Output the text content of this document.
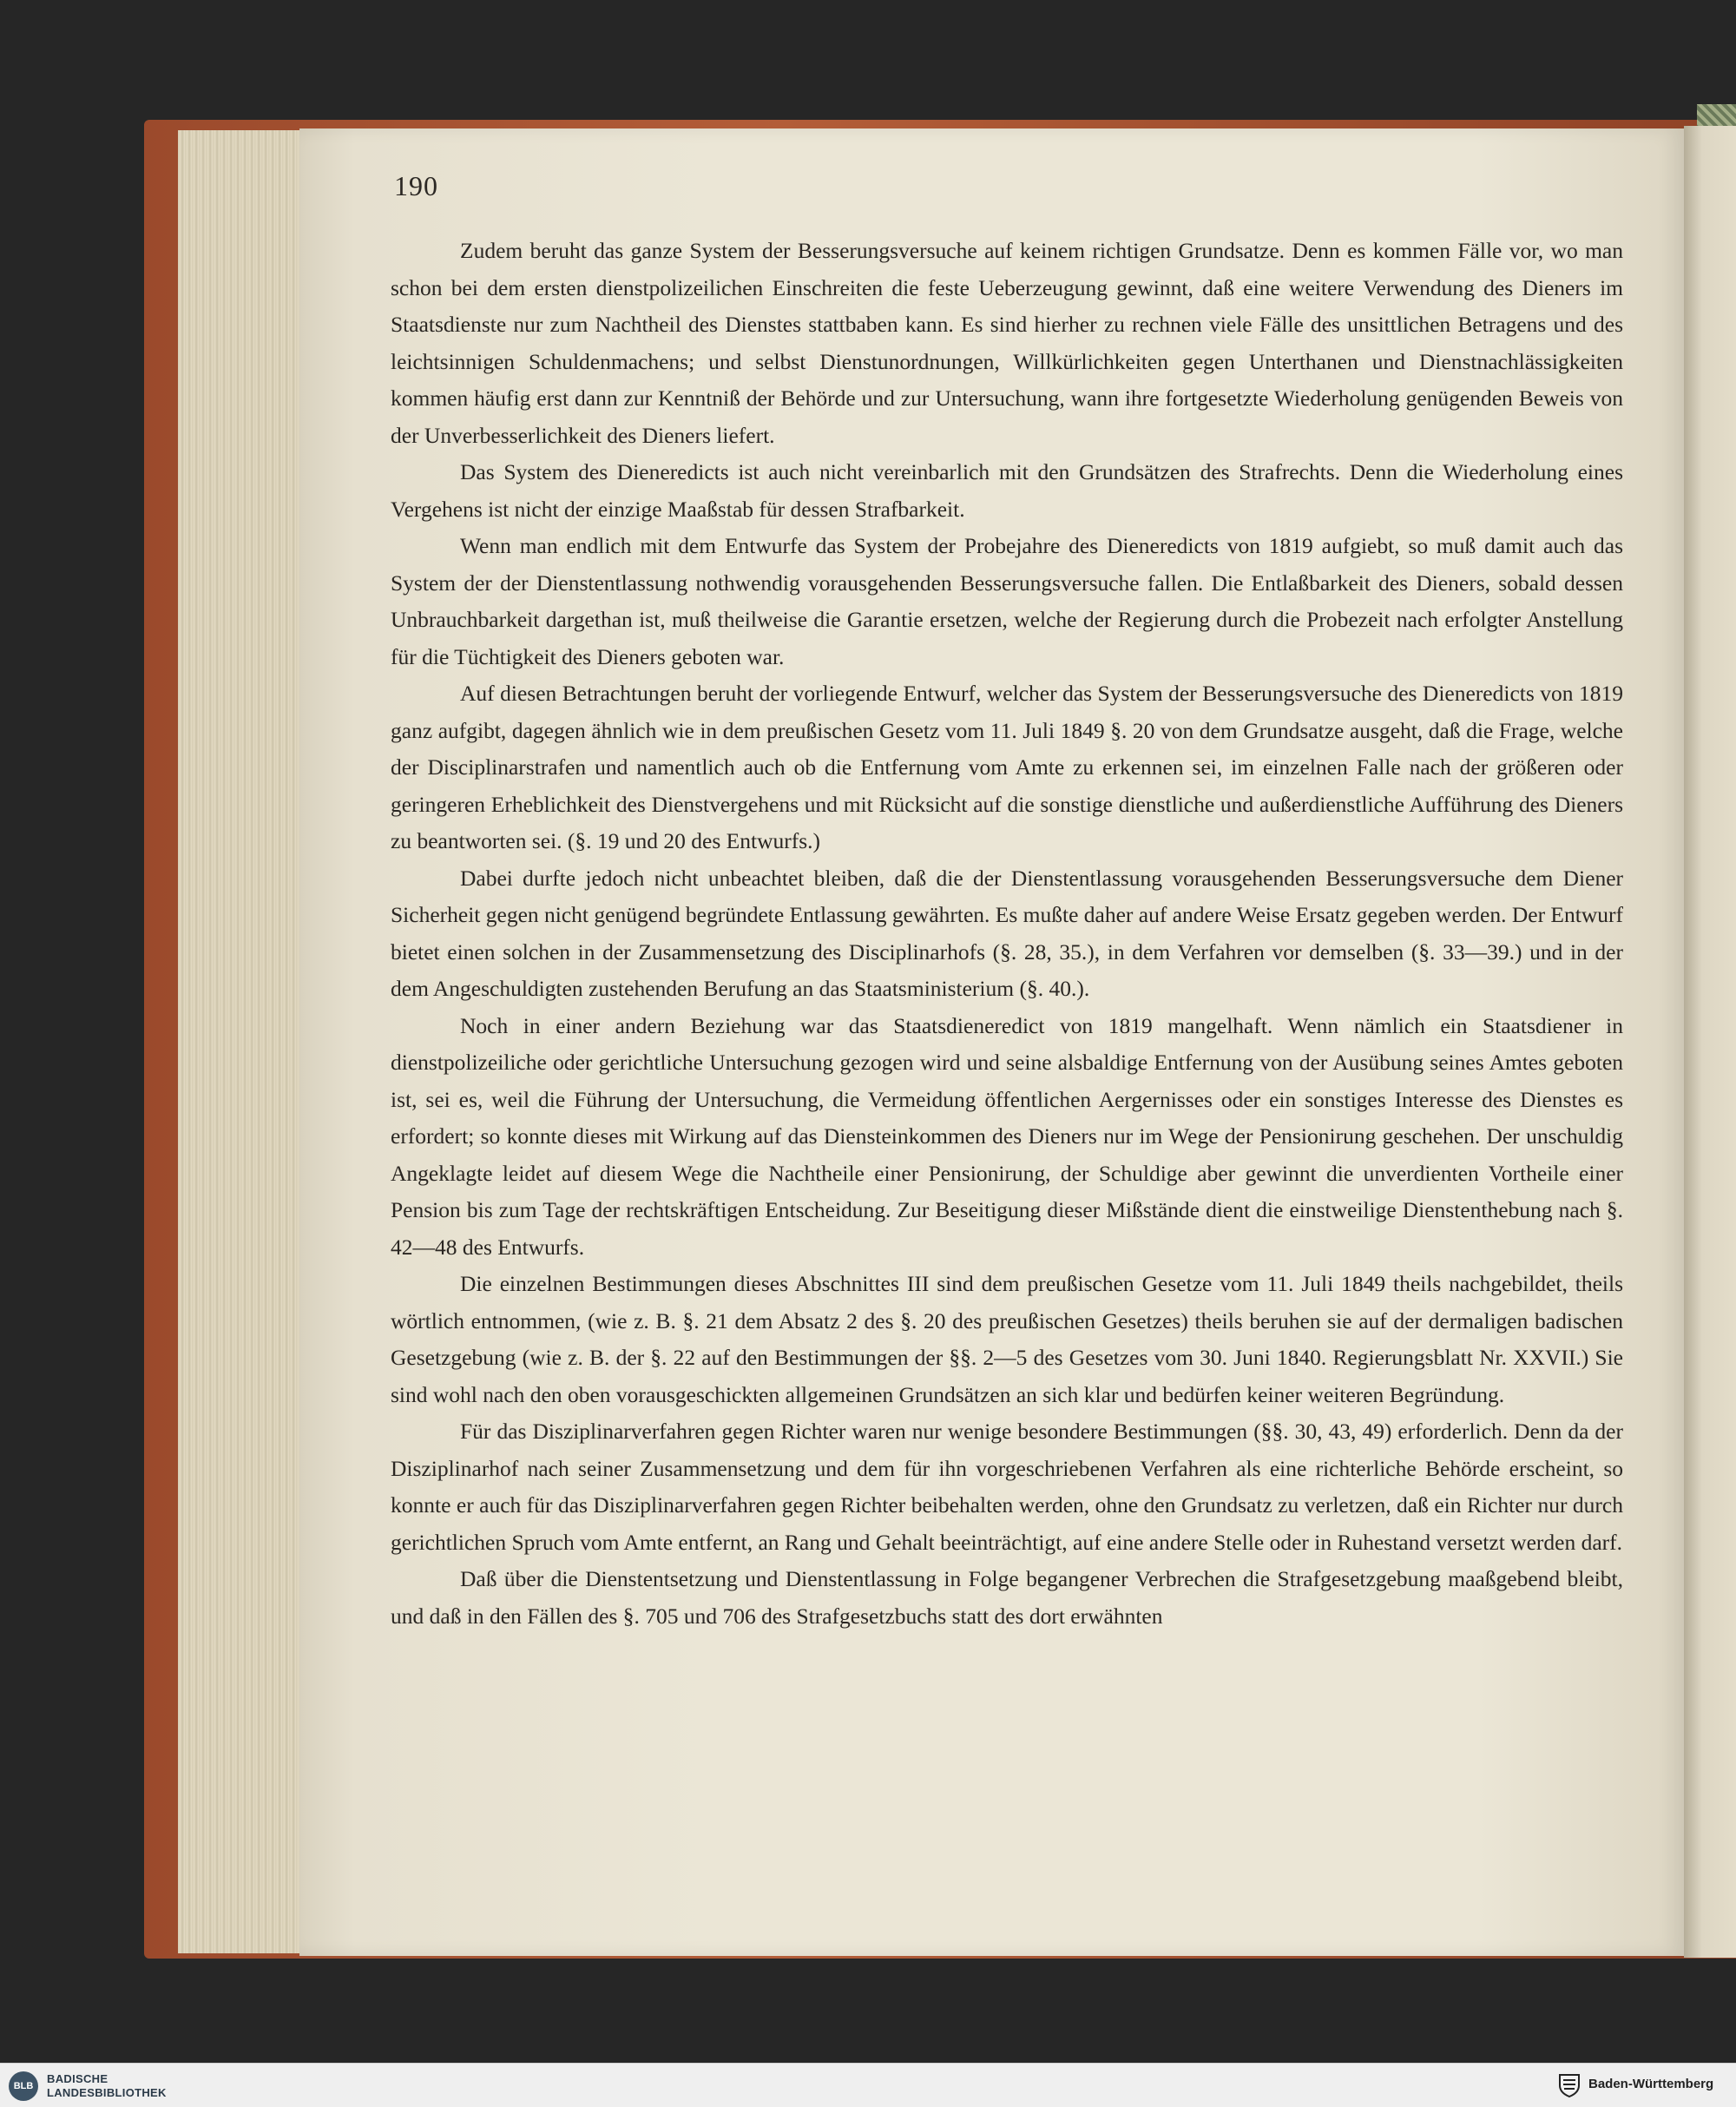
190

Zudem beruht das ganze System der Besserungsversuche auf keinem richtigen Grundsatze. Denn es kommen Fälle vor, wo man schon bei dem ersten dienstpolizeilichen Einschreiten die feste Ueberzeugung gewinnt, daß eine weitere Verwendung des Dieners im Staatsdienste nur zum Nachtheil des Dienstes stattbaben kann. Es sind hierher zu rechnen viele Fälle des unsittlichen Betragens und des leichtsinnigen Schuldenmachens; und selbst Dienstunordnungen, Willkürlichkeiten gegen Unterthanen und Dienstnachlässigkeiten kommen häufig erst dann zur Kenntniß der Behörde und zur Untersuchung, wann ihre fortgesetzte Wiederholung genügenden Beweis von der Unverbesserlichkeit des Dieners liefert.

Das System des Dieneredicts ist auch nicht vereinbarlich mit den Grundsätzen des Strafrechts. Denn die Wiederholung eines Vergehens ist nicht der einzige Maaßstab für dessen Strafbarkeit.

Wenn man endlich mit dem Entwurfe das System der Probejahre des Dieneredicts von 1819 aufgiebt, so muß damit auch das System der der Dienstentlassung nothwendig vorausgehenden Besserungsversuche fallen. Die Entlaßbarkeit des Dieners, sobald dessen Unbrauchbarkeit dargethan ist, muß theilweise die Garantie ersetzen, welche der Regierung durch die Probezeit nach erfolgter Anstellung für die Tüchtigkeit des Dieners geboten war.

Auf diesen Betrachtungen beruht der vorliegende Entwurf, welcher das System der Besserungsversuche des Dieneredicts von 1819 ganz aufgibt, dagegen ähnlich wie in dem preußischen Gesetz vom 11. Juli 1849 §. 20 von dem Grundsatze ausgeht, daß die Frage, welche der Disciplinarstrafen und namentlich auch ob die Entfernung vom Amte zu erkennen sei, im einzelnen Falle nach der größeren oder geringeren Erheblichkeit des Dienstvergehens und mit Rücksicht auf die sonstige dienstliche und außerdienstliche Aufführung des Dieners zu beantworten sei. (§. 19 und 20 des Entwurfs.)

Dabei durfte jedoch nicht unbeachtet bleiben, daß die der Dienstentlassung vorausgehenden Besserungsversuche dem Diener Sicherheit gegen nicht genügend begründete Entlassung gewährten. Es mußte daher auf andere Weise Ersatz gegeben werden. Der Entwurf bietet einen solchen in der Zusammensetzung des Disciplinarhofs (§. 28, 35.), in dem Verfahren vor demselben (§. 33—39.) und in der dem Angeschuldigten zustehenden Berufung an das Staatsministerium (§. 40.).

Noch in einer andern Beziehung war das Staatsdieneredict von 1819 mangelhaft. Wenn nämlich ein Staatsdiener in dienstpolizeiliche oder gerichtliche Untersuchung gezogen wird und seine alsbaldige Entfernung von der Ausübung seines Amtes geboten ist, sei es, weil die Führung der Untersuchung, die Vermeidung öffentlichen Aergernisses oder ein sonstiges Interesse des Dienstes es erfordert; so konnte dieses mit Wirkung auf das Diensteinkommen des Dieners nur im Wege der Pensionirung geschehen. Der unschuldig Angeklagte leidet auf diesem Wege die Nachtheile einer Pensionirung, der Schuldige aber gewinnt die unverdienten Vortheile einer Pension bis zum Tage der rechtskräftigen Entscheidung. Zur Beseitigung dieser Mißstände dient die einstweilige Dienstenthebung nach §. 42—48 des Entwurfs.

Die einzelnen Bestimmungen dieses Abschnittes III sind dem preußischen Gesetze vom 11. Juli 1849 theils nachgebildet, theils wörtlich entnommen, (wie z. B. §. 21 dem Absatz 2 des §. 20 des preußischen Gesetzes) theils beruhen sie auf der dermaligen badischen Gesetzgebung (wie z. B. der §. 22 auf den Bestimmungen der §§. 2—5 des Gesetzes vom 30. Juni 1840. Regierungsblatt Nr. XXVII.) Sie sind wohl nach den oben vorausgeschickten allgemeinen Grundsätzen an sich klar und bedürfen keiner weiteren Begründung.

Für das Disziplinarverfahren gegen Richter waren nur wenige besondere Bestimmungen (§§. 30, 43, 49) erforderlich. Denn da der Disziplinarhof nach seiner Zusammensetzung und dem für ihn vorgeschriebenen Verfahren als eine richterliche Behörde erscheint, so konnte er auch für das Disziplinarverfahren gegen Richter beibehalten werden, ohne den Grundsatz zu verletzen, daß ein Richter nur durch gerichtlichen Spruch vom Amte entfernt, an Rang und Gehalt beeinträchtigt, auf eine andere Stelle oder in Ruhestand versetzt werden darf.

Daß über die Dienstentsetzung und Dienstentlassung in Folge begangener Verbrechen die Strafgesetzgebung maaßgebend bleibt, und daß in den Fällen des §. 705 und 706 des Strafgesetzbuchs statt des dort erwähnten

BLB
BADISCHE
LANDESBIBLIOTHEK
Baden-Württemberg
